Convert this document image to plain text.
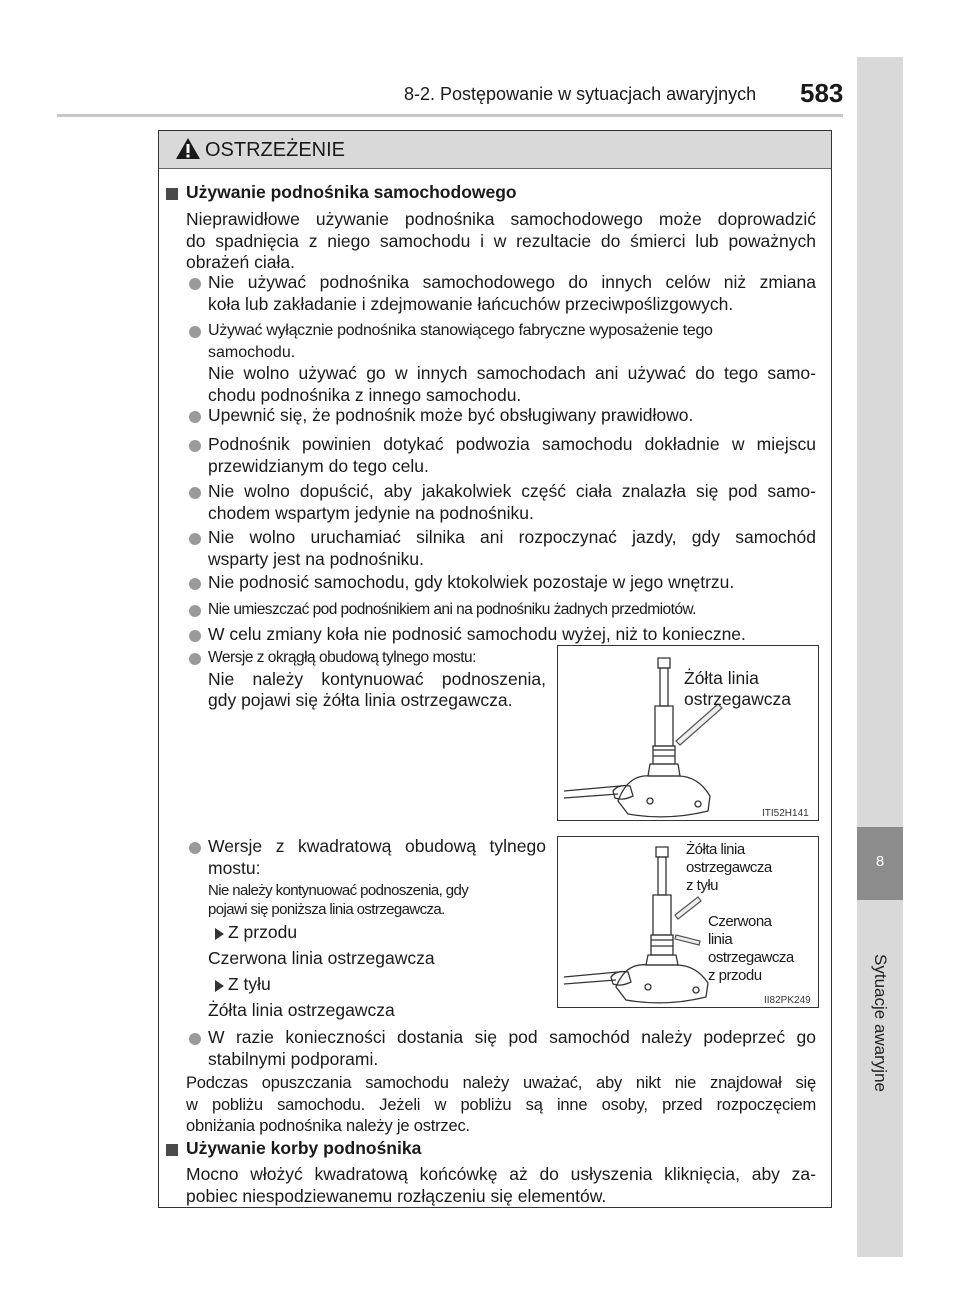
8-2. Postępowanie w sytuacjach awaryjnych 583
8
Sytuacje awaryjne
OSTRZEŻENIE
Używanie podnośnika samochodowego
Nieprawidłowe używanie podnośnika samochodowego może doprowadzić
do spadnięcia z niego samochodu i w rezultacie do śmierci lub poważnych
obrażeń ciała.
Nie używać podnośnika samochodowego do innych celów niż zmiana
koła lub zakładanie i zdejmowanie łańcuchów przeciwpoślizgowych.
Używać wyłącznie podnośnika stanowiącego fabryczne wyposażenie tego
samochodu.
Nie wolno używać go w innych samochodach ani używać do tego samo-
chodu podnośnika z innego samochodu.
Upewnić się, że podnośnik może być obsługiwany prawidłowo.
Podnośnik powinien dotykać podwozia samochodu dokładnie w miejscu
przewidzianym do tego celu.
Nie wolno dopuścić, aby jakakolwiek część ciała znalazła się pod samo-
chodem wspartym jedynie na podnośniku.
Nie wolno uruchamiać silnika ani rozpoczynać jazdy, gdy samochód
wsparty jest na podnośniku.
Nie podnosić samochodu, gdy ktokolwiek pozostaje w jego wnętrzu.
Nie umieszczać pod podnośnikiem ani na podnośniku żadnych przedmiotów.
W celu zmiany koła nie podnosić samochodu wyżej, niż to konieczne.
Wersje z okrągłą obudową tylnego mostu:
Nie należy kontynuować podnoszenia,
gdy pojawi się żółta linia ostrzegawcza.
Żółta linia
ostrzegawcza
ITI52H141
Wersje z kwadratową obudową tylnego
mostu:
Nie należy kontynuować podnoszenia, gdy
pojawi się poniższa linia ostrzegawcza.
Z przodu
Czerwona linia ostrzegawcza
Z tyłu
Żółta linia ostrzegawcza
Żółta linia
ostrzegawcza
z tyłu
Czerwona
linia
ostrzegawcza
z przodu
II82PK249
W razie konieczności dostania się pod samochód należy podeprzeć go
stabilnymi podporami.
Podczas opuszczania samochodu należy uważać, aby nikt nie znajdował się
w pobliżu samochodu. Jeżeli w pobliżu są inne osoby, przed rozpoczęciem
obniżania podnośnika należy je ostrzec.
Używanie korby podnośnika
Mocno włożyć kwadratową końcówkę aż do usłyszenia kliknięcia, aby za-
pobiec niespodziewanemu rozłączeniu się elementów.
